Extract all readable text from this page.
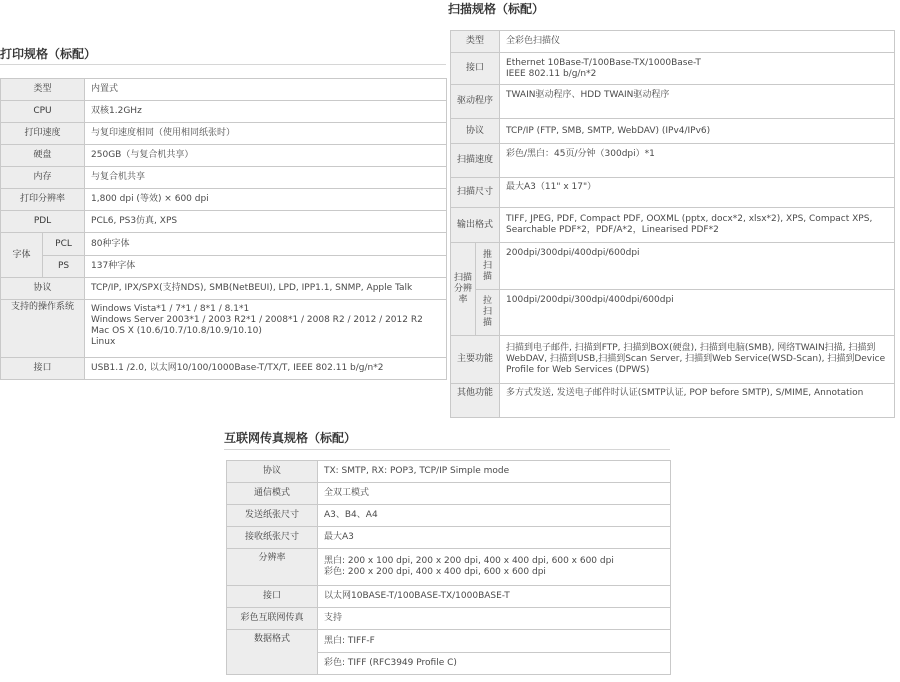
打印规格（标配）
类型		内置式
CPU		双核1.2GHz
打印速度		与复印速度相同（使用相同纸张时）
硬盘		250GB（与复合机共享）
内存		与复合机共享
打印分辨率		1,800 dpi (等效) × 600 dpi
PDL		PCL6, PS3仿真, XPS
字体	PCL	80种字体
	PS	137种字体
协议		TCP/IP, IPX/SPX(支持NDS), SMB(NetBEUI), LPD, IPP1.1, SNMP, Apple Talk
支持的操作系统		Windows Vista*1 / 7*1 / 8*1 / 8.1*1
Windows Server 2003*1 / 2003 R2*1 / 2008*1 / 2008 R2 / 2012 / 2012 R2
Mac OS X (10.6/10.7/10.8/10.9/10.10)
Linux
接口		USB1.1 /2.0, 以太网10/100/1000Base-T/TX/T, IEEE 802.11 b/g/n*2
扫描规格（标配）
类型		全彩色扫描仪
接口		Ethernet 10Base-T/100Base-TX/1000Base-T
IEEE 802.11 b/g/n*2
驱动程序		TWAIN驱动程序、HDD TWAIN驱动程序
协议		TCP/IP (FTP, SMB, SMTP, WebDAV) (IPv4/IPv6)
扫描速度		彩色/黑白：45页/分钟（300dpi）*1
扫描尺寸		最大A3（11" x 17"）
输出格式		TIFF, JPEG, PDF, Compact PDF, OOXML (pptx, docx*2, xlsx*2), XPS, Compact XPS, Searchable PDF*2，PDF/A*2，Linearised PDF*2
扫描分辨率	推扫描	200dpi/300dpi/400dpi/600dpi
	拉扫描	100dpi/200dpi/300dpi/400dpi/600dpi
主要功能		扫描到电子邮件, 扫描到FTP, 扫描到BOX(硬盘), 扫描到电脑(SMB), 网络TWAIN扫描, 扫描到WebDAV, 扫描到USB,扫描到Scan Server, 扫描到Web Service(WSD-Scan), 扫描到Device Profile for Web Services (DPWS)
其他功能		多方式发送, 发送电子邮件时认证(SMTP认证, POP before SMTP), S/MIME, Annotation
互联网传真规格（标配）
协议	TX: SMTP, RX: POP3, TCP/IP Simple mode
通信模式	全双工模式
发送纸张尺寸	A3、B4、A4
接收纸张尺寸	最大A3
分辨率	黑白: 200 x 100 dpi, 200 x 200 dpi, 400 x 400 dpi, 600 x 600 dpi
彩色: 200 x 200 dpi, 400 x 400 dpi, 600 x 600 dpi
接口	以太网10BASE-T/100BASE-TX/1000BASE-T
彩色互联网传真	支持
数据格式	黑白: TIFF-F
	彩色: TIFF (RFC3949 Profile C)
